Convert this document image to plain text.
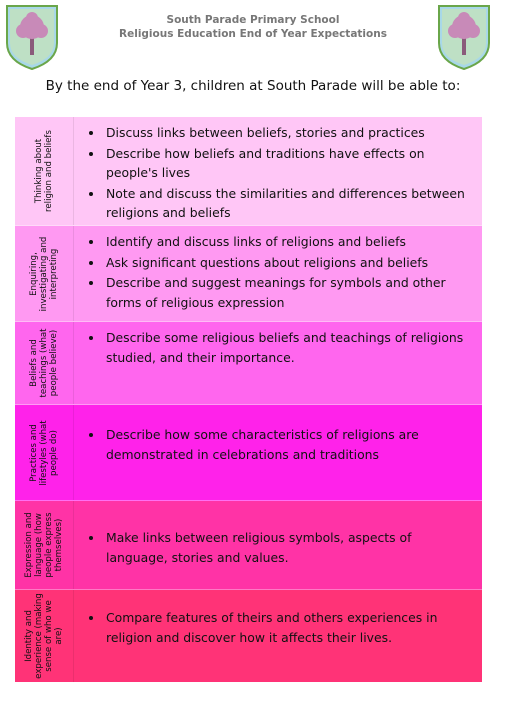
South Parade Primary School
Religious Education End of Year Expectations
By the end of Year 3, children at South Parade will be able to:
Thinking about religion and beliefs	• Discuss links between beliefs, stories and practices
• Describe how beliefs and traditions have effects on people's lives
• Note and discuss the similarities and differences between religions and beliefs
Enquiring, investigating and interpreting
• Identify and discuss links of religions and beliefs
• Ask significant questions about religions and beliefs
• Describe and suggest meanings for symbols and other forms of religious expression
Beliefs and teachings (what people believe)	• Describe some religious beliefs and teachings of religions studied, and their importance.
Practices and lifestyles (what people do)	• Describe how some characteristics of religions are demonstrated in celebrations and traditions
Expression and language (how people express themselves)	• Make links between religious symbols, aspects of language, stories and values.
Identity and experience (making sense of who we are)
• Compare features of theirs and others experiences in religion and discover how it affects their lives.
